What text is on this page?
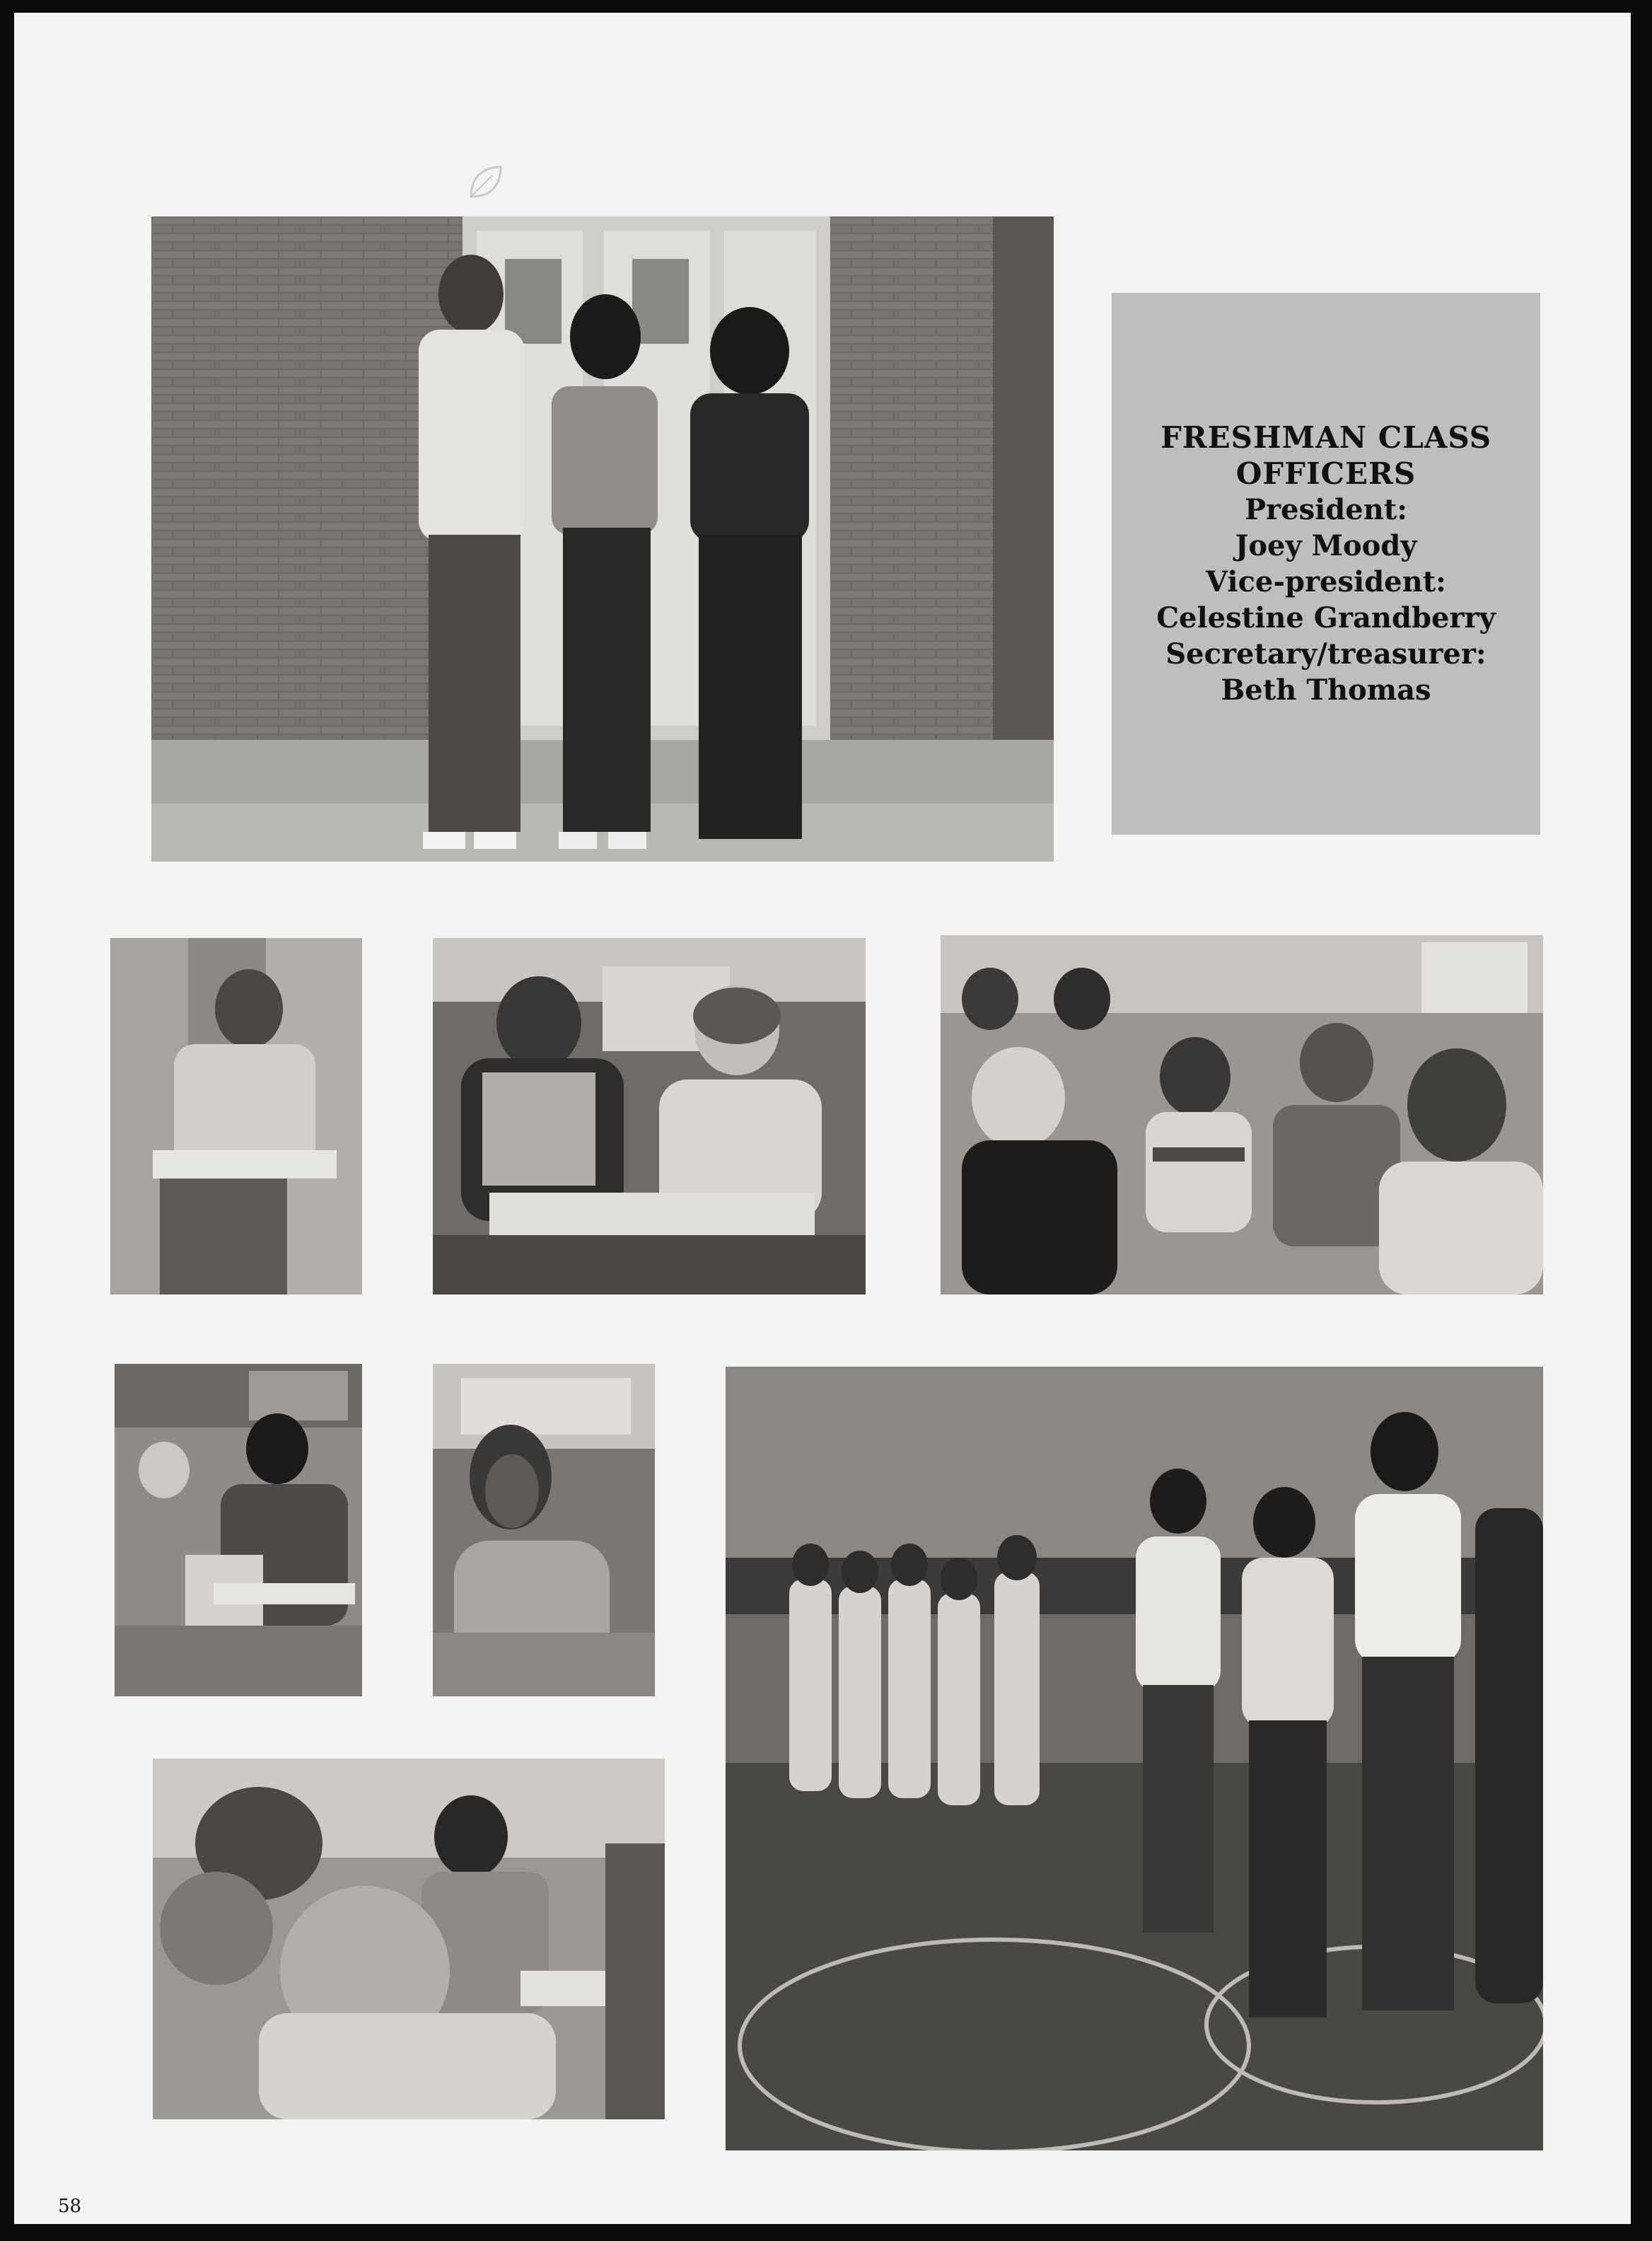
FRESHMAN CLASS
OFFICERS
President:
Joey Moody
Vice-president:
Celestine Grandberry
Secretary/treasurer:
Beth Thomas
58
